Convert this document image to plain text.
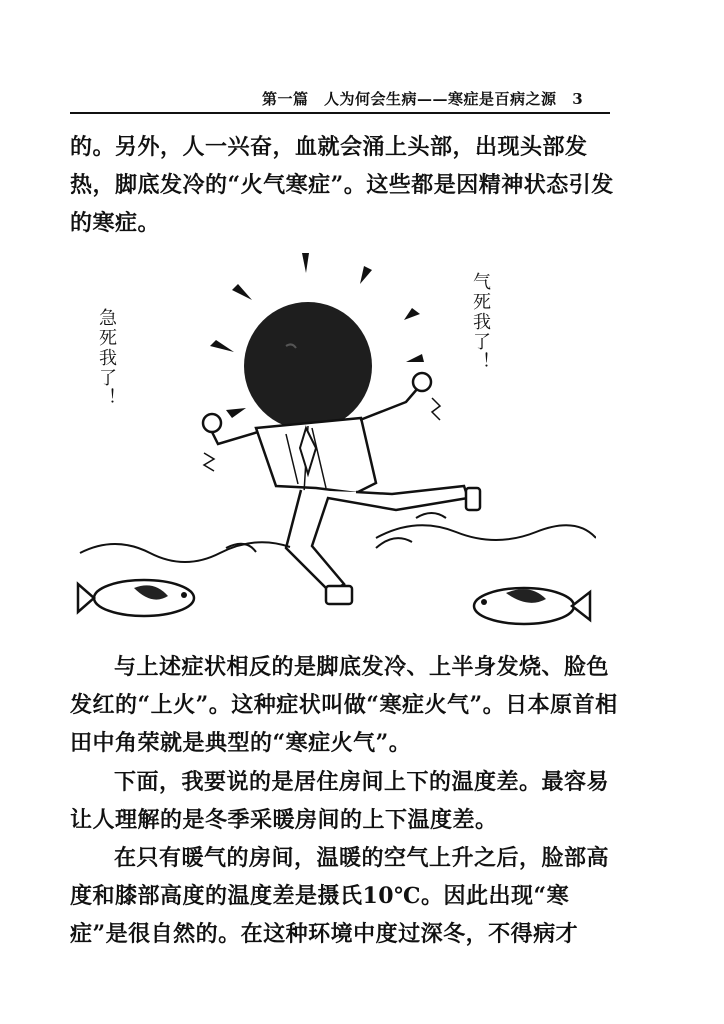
第一篇　人为何会生病——寒症是百病之源 3
的。另外，人一兴奋，血就会涌上头部，出现头部发热，脚底发冷的“火气寒症”。这些都是因精神状态引发的寒症。
急死我了！	气死我了！
与上述症状相反的是脚底发冷、上半身发烧、脸色发红的“上火”。这种症状叫做“寒症火气”。日本原首相田中角荣就是典型的“寒症火气”。
下面，我要说的是居住房间上下的温度差。最容易让人理解的是冬季采暖房间的上下温度差。
在只有暖气的房间，温暖的空气上升之后，脸部高度和膝部高度的温度差是摄氏10℃。因此出现“寒症”是很自然的。在这种环境中度过深冬，不得病才
